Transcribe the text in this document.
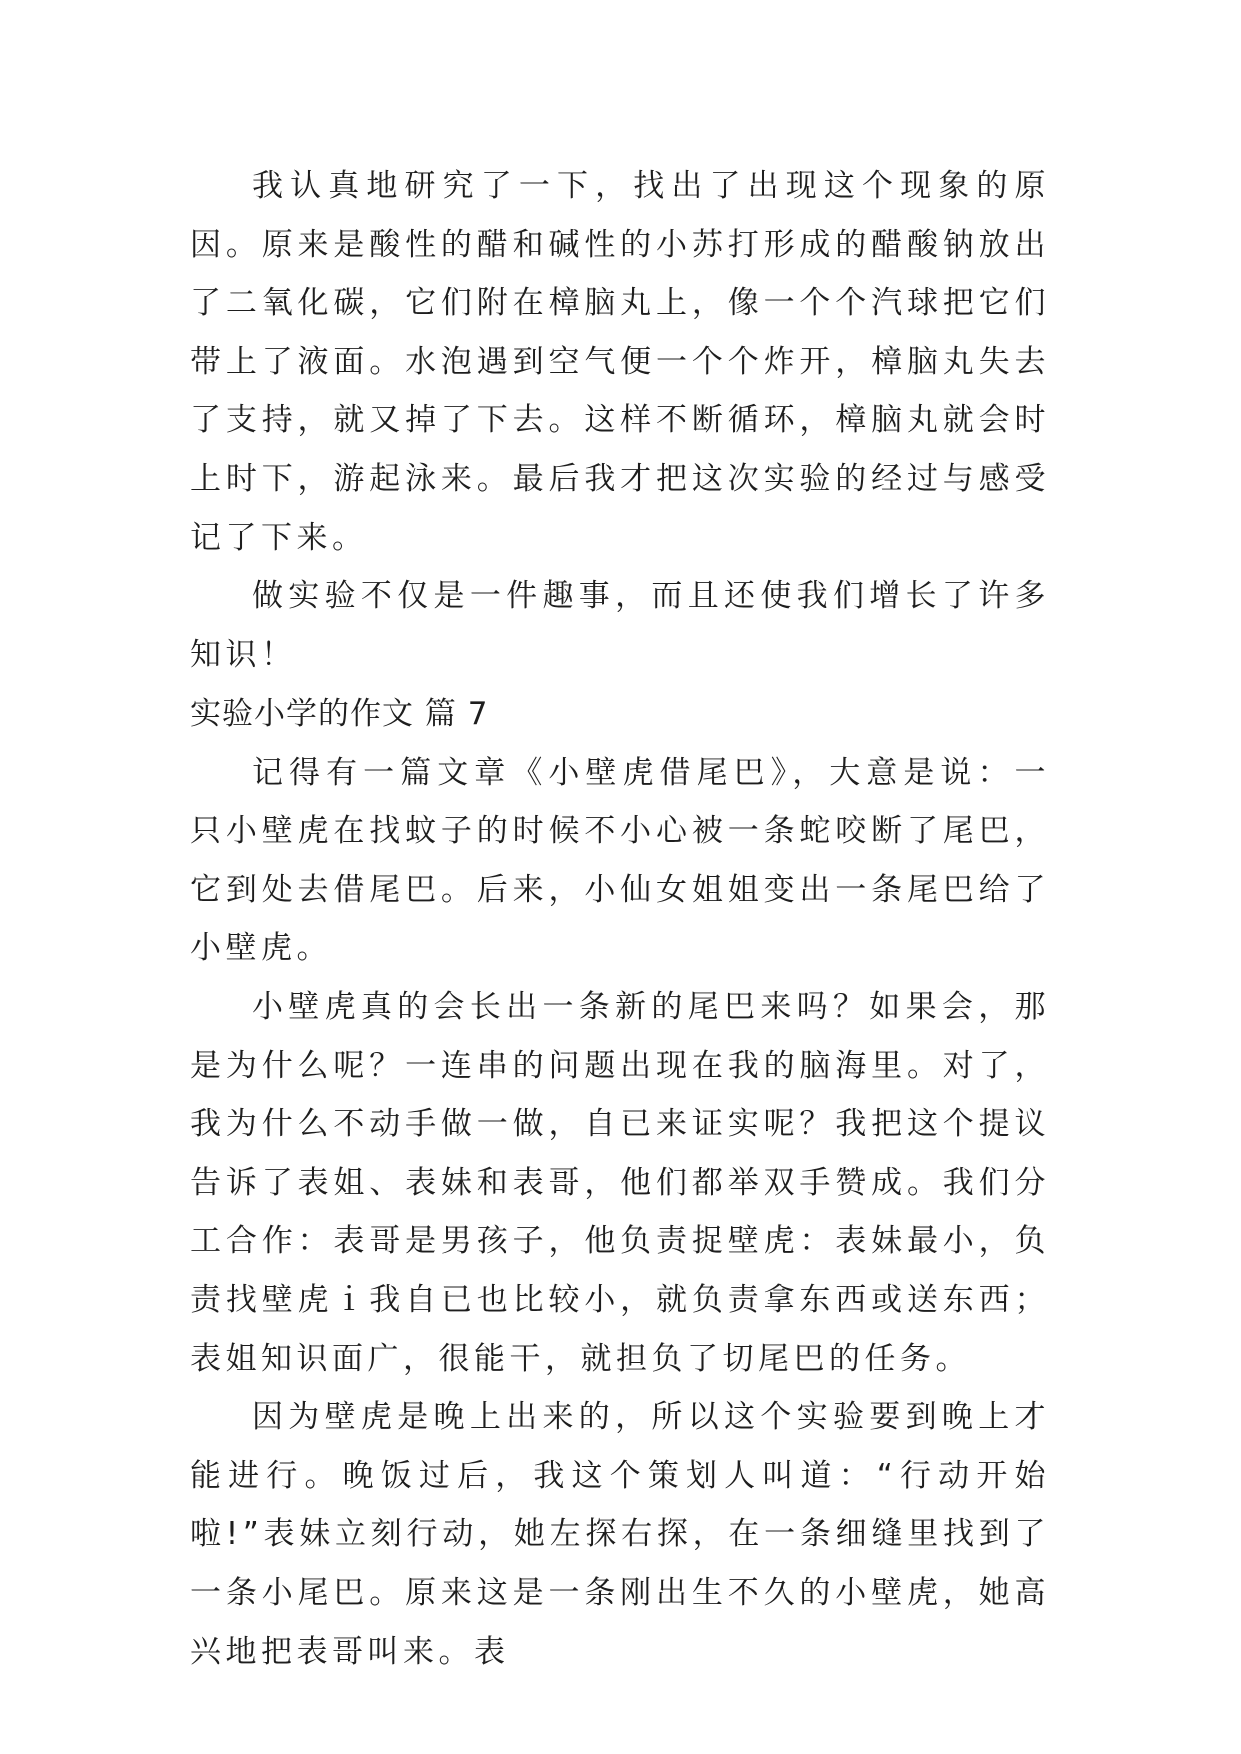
我认真地研究了一下，找出了出现这个现象的原因。原来是酸性的醋和碱性的小苏打形成的醋酸钠放出了二氧化碳，它们附在樟脑丸上，像一个个汽球把它们带上了液面。水泡遇到空气便一个个炸开，樟脑丸失去了支持，就又掉了下去。这样不断循环，樟脑丸就会时上时下，游起泳来。最后我才把这次实验的经过与感受记了下来。

做实验不仅是一件趣事，而且还使我们增长了许多知识！

实验小学的作文 篇 7

记得有一篇文章《小壁虎借尾巴》，大意是说：一只小壁虎在找蚊子的时候不小心被一条蛇咬断了尾巴，它到处去借尾巴。后来，小仙女姐姐变出一条尾巴给了小壁虎。

小壁虎真的会长出一条新的尾巴来吗？如果会，那是为什么呢？一连串的问题出现在我的脑海里。对了，我为什么不动手做一做，自已来证实呢？我把这个提议告诉了表姐、表妹和表哥，他们都举双手赞成。我们分工合作：表哥是男孩子，他负责捉壁虎：表妹最小，负责找壁虎ｉ我自已也比较小，就负责拿东西或送东西；表姐知识面广，很能干，就担负了切尾巴的任务。

因为壁虎是晚上出来的，所以这个实验要到晚上才能进行。晚饭过后，我这个策划人叫道：“行动开始啦!”表妹立刻行动，她左探右探，在一条细缝里找到了一条小尾巴。原来这是一条刚出生不久的小壁虎，她高兴地把表哥叫来。表
